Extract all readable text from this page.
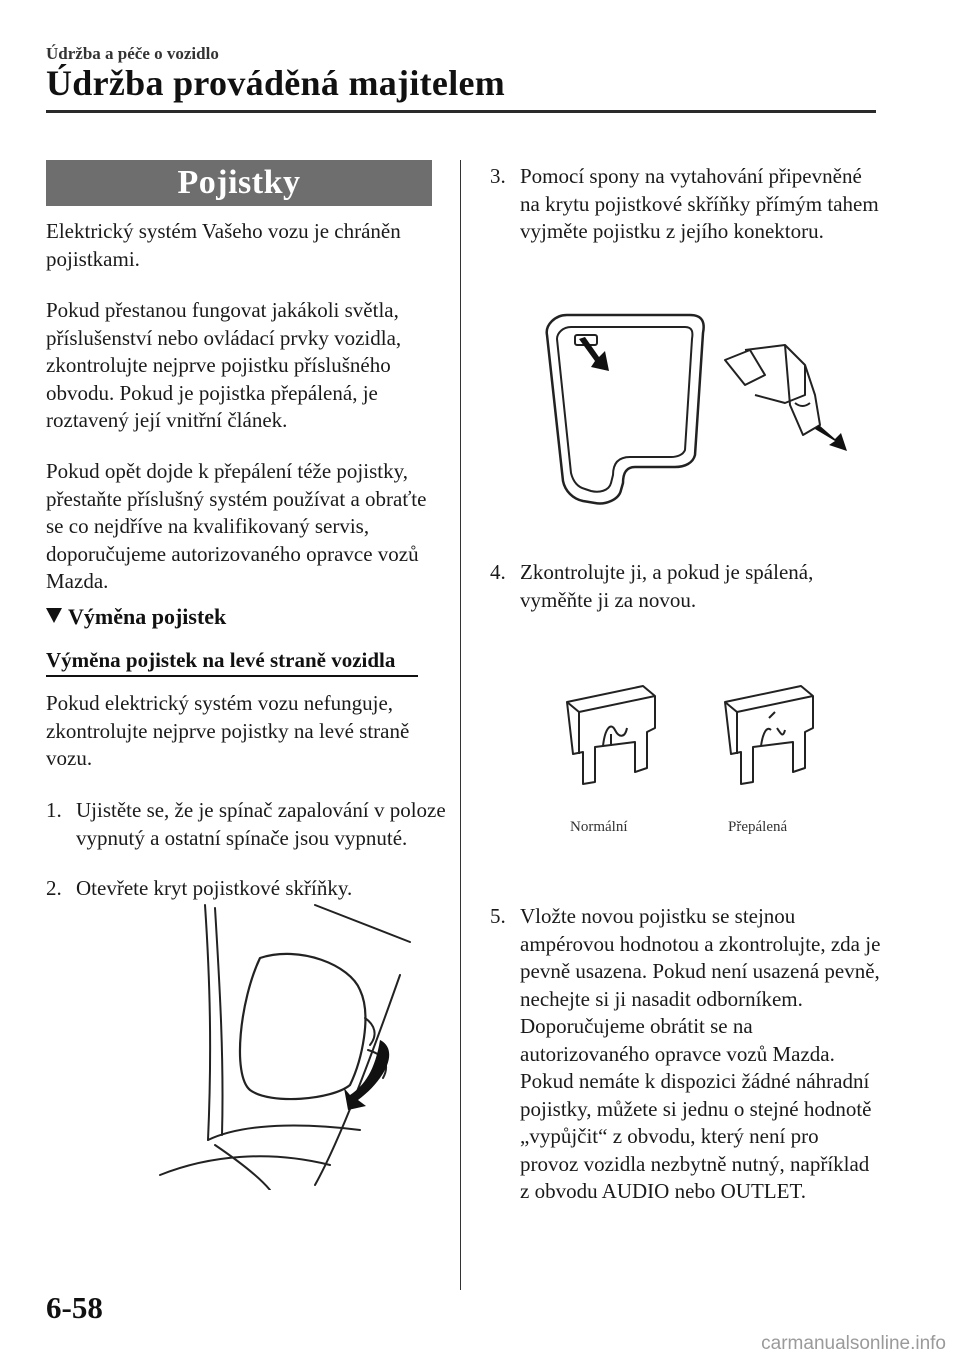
Údržba a péče o vozidlo
Údržba prováděná majitelem
Pojistky
Elektrický systém Vašeho vozu je chráněn pojistkami.
Pokud přestanou fungovat jakákoli světla, příslušenství nebo ovládací prvky vozidla, zkontrolujte nejprve pojistku příslušného obvodu. Pokud je pojistka přepálená, je roztavený její vnitřní článek.
Pokud opět dojde k přepálení téže pojistky, přestaňte příslušný systém používat a obraťte se co nejdříve na kvalifikovaný servis, doporučujeme autorizovaného opravce vozů Mazda.
Výměna pojistek
Výměna pojistek na levé straně vozidla
Pokud elektrický systém vozu nefunguje, zkontrolujte nejprve pojistky na levé straně vozu.
1. Ujistěte se, že je spínač zapalování v poloze vypnutý a ostatní spínače jsou vypnuté.
2. Otevřete kryt pojistkové skříňky.
3. Pomocí spony na vytahování připevněné na krytu pojistkové skříňky přímým tahem vyjměte pojistku z jejího konektoru.
4. Zkontrolujte ji, a pokud je spálená, vyměňte ji za novou.
5. Vložte novou pojistku se stejnou ampérovou hodnotou a zkontrolujte, zda je pevně usazena. Pokud není usazená pevně, nechejte si ji nasadit odborníkem. Doporučujeme obrátit se na autorizovaného opravce vozů Mazda. Pokud nemáte k dispozici žádné náhradní pojistky, můžete si jednu o stejné hodnotě „vypůjčit“ z obvodu, který není pro provoz vozidla nezbytně nutný, například z obvodu AUDIO nebo OUTLET.
Normální	Přepálená
6-58
carmanualsonline.info
